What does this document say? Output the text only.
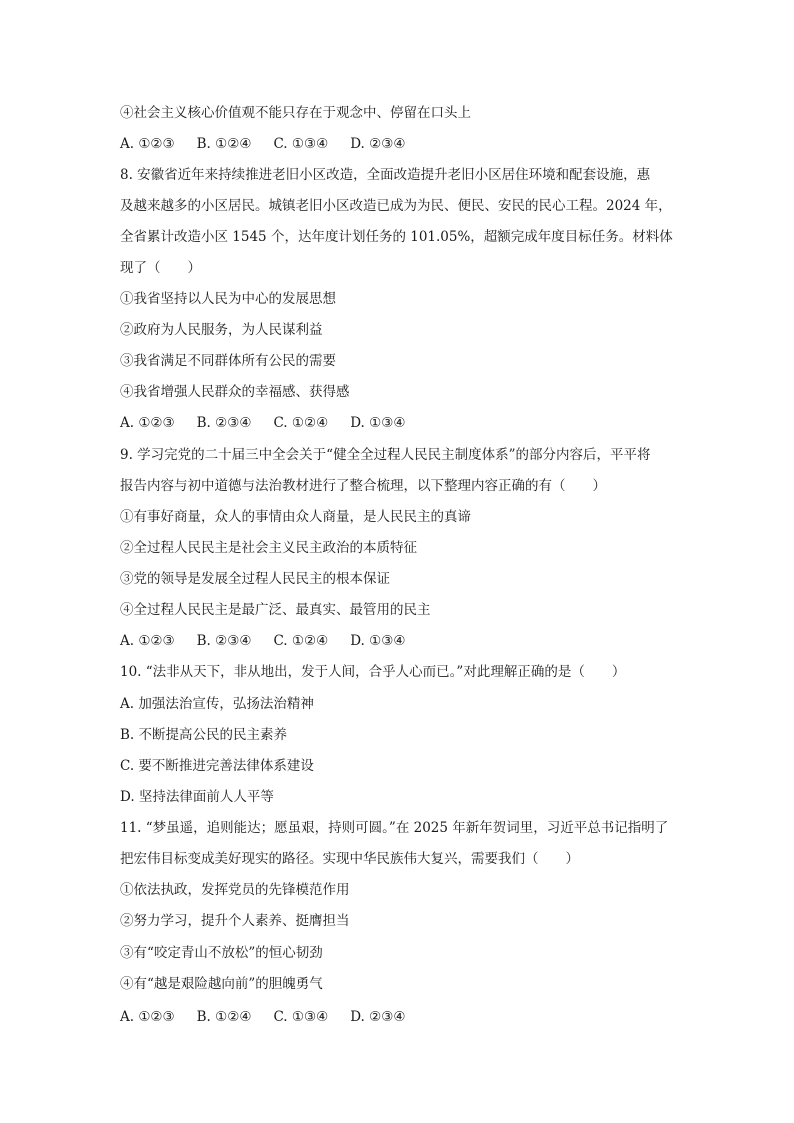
④社会主义核心价值观不能只存在于观念中、停留在口头上
A. ①②③ B. ①②④ C. ①③④ D. ②③④
8. 安徽省近年来持续推进老旧小区改造，全面改造提升老旧小区居住环境和配套设施，惠
及越来越多的小区居民。城镇老旧小区改造已成为为民、便民、安民的民心工程。2024 年，
全省累计改造小区 1545 个，达年度计划任务的 101.05%，超额完成年度目标任务。材料体
现了（　　）
①我省坚持以人民为中心的发展思想
②政府为人民服务，为人民谋利益
③我省满足不同群体所有公民的需要
④我省增强人民群众的幸福感、获得感
A. ①②③ B. ②③④ C. ①②④ D. ①③④
9. 学习完党的二十届三中全会关于“健全全过程人民民主制度体系”的部分内容后，平平将
报告内容与初中道德与法治教材进行了整合梳理，以下整理内容正确的有（　　）
①有事好商量，众人的事情由众人商量，是人民民主的真谛
②全过程人民民主是社会主义民主政治的本质特征
③党的领导是发展全过程人民民主的根本保证
④全过程人民民主是最广泛、最真实、最管用的民主
A. ①②③ B. ②③④ C. ①②④ D. ①③④
10. “法非从天下，非从地出，发于人间，合乎人心而已。”对此理解正确的是（　　）
A. 加强法治宣传，弘扬法治精神
B. 不断提高公民的民主素养
C. 要不断推进完善法律体系建设
D. 坚持法律面前人人平等
11. “梦虽遥，追则能达；愿虽艰，持则可圆。”在 2025 年新年贺词里，习近平总书记指明了
把宏伟目标变成美好现实的路径。实现中华民族伟大复兴，需要我们（　　）
①依法执政，发挥党员的先锋模范作用
②努力学习，提升个人素养、挺膺担当
③有“咬定青山不放松”的恒心韧劲
④有“越是艰险越向前”的胆魄勇气
A. ①②③ B. ①②④ C. ①③④ D. ②③④
